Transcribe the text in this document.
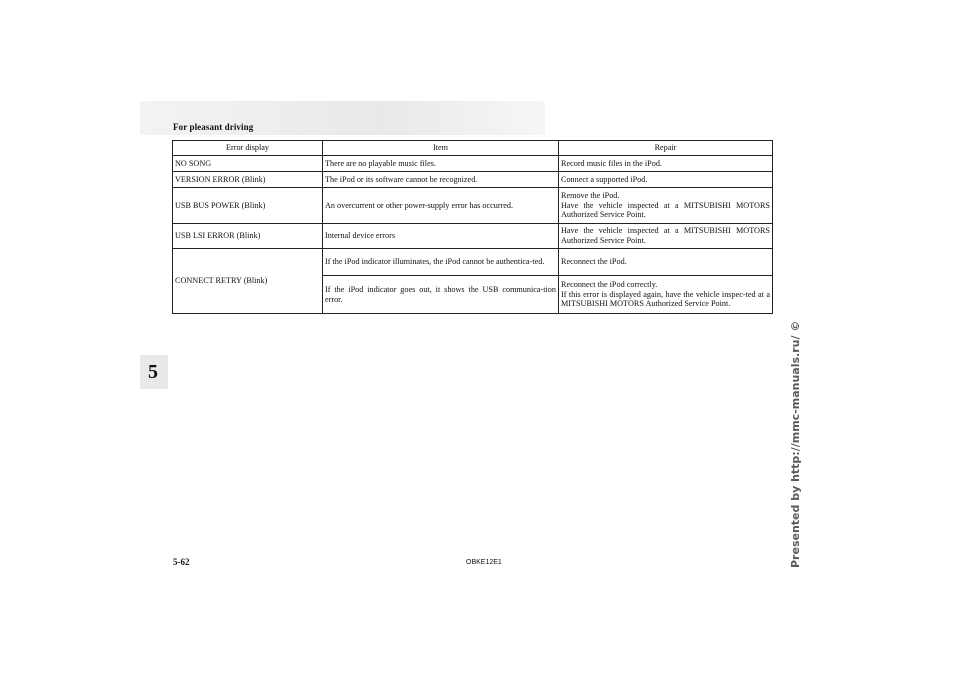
For pleasant driving
Error display	Item	Repair
NO SONG	There are no playable music files.	Record music files in the iPod.
VERSION ERROR (Blink)	The iPod or its software cannot be recognized.	Connect a supported iPod.
USB BUS POWER (Blink)	An overcurrent or other power-supply error has occurred.	Remove the iPod.
Have the vehicle inspected at a MITSUBISHI MOTORS Authorized Service Point.
USB LSI ERROR (Blink)	Internal device errors	Have the vehicle inspected at a MITSUBISHI MOTORS Authorized Service Point.
CONNECT RETRY (Blink)	If the iPod indicator illuminates, the iPod cannot be authentica-ted.	Reconnect the iPod.
	If the iPod indicator goes out, it shows the USB communica-tion error.	Reconnect the iPod correctly.
If this error is displayed again, have the vehicle inspec-ted at a MITSUBISHI MOTORS Authorized Service Point.
5	Presented by http://mmc-manuals.ru/ ©
5-62	OBKE12E1
